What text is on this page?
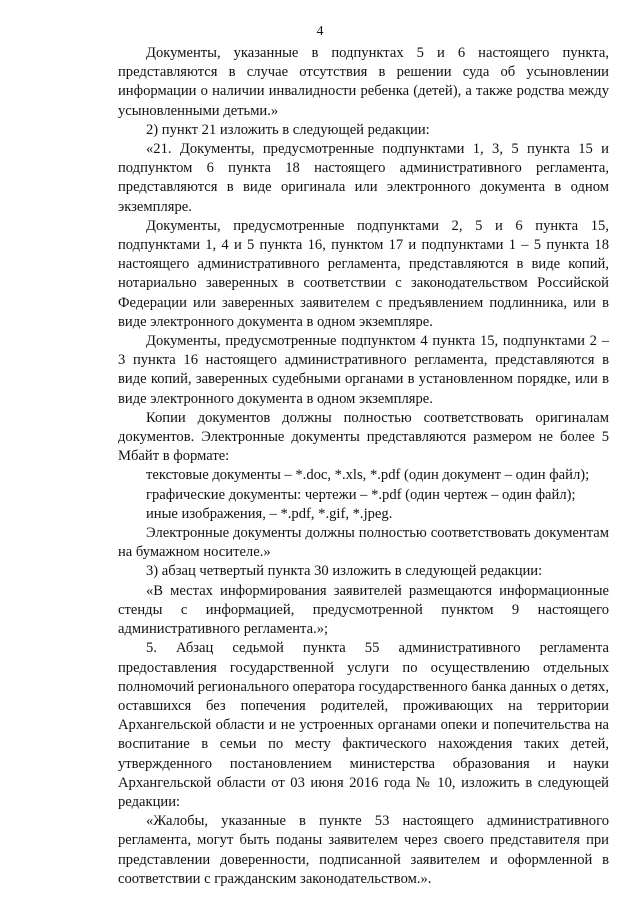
4

Документы, указанные в подпунктах 5 и 6 настоящего пункта, представляются в случае отсутствия в решении суда об усыновлении информации о наличии инвалидности ребенка (детей), а также родства между усыновленными детьми.»

2) пункт 21 изложить в следующей редакции:

«21. Документы, предусмотренные подпунктами 1, 3, 5 пункта 15 и подпунктом 6 пункта 18 настоящего административного регламента, представляются в виде оригинала или электронного документа в одном экземпляре.

Документы, предусмотренные подпунктами 2, 5 и 6 пункта 15, подпунктами 1, 4 и 5 пункта 16, пунктом 17 и подпунктами 1 – 5 пункта 18 настоящего административного регламента, представляются в виде копий, нотариально заверенных в соответствии с законодательством Российской Федерации или заверенных заявителем с предъявлением подлинника, или в виде электронного документа в одном экземпляре.

Документы, предусмотренные подпунктом 4 пункта 15, подпунктами 2 – 3 пункта 16 настоящего административного регламента, представляются в виде копий, заверенных судебными органами в установленном порядке, или в виде электронного документа в одном экземпляре.

Копии документов должны полностью соответствовать оригиналам документов. Электронные документы представляются размером не более 5 Мбайт в формате:

текстовые документы – *.doc, *.xls, *.pdf (один документ – один файл);

графические документы: чертежи – *.pdf (один чертеж – один файл);

иные изображения, – *.pdf, *.gif, *.jpeg.

Электронные документы должны полностью соответствовать документам на бумажном носителе.»

3) абзац четвертый пункта 30 изложить в следующей редакции:

«В местах информирования заявителей размещаются информационные стенды с информацией, предусмотренной пунктом 9 настоящего административного регламента.»;

5. Абзац седьмой пункта 55 административного регламента предоставления государственной услуги по осуществлению отдельных полномочий регионального оператора государственного банка данных о детях, оставшихся без попечения родителей, проживающих на территории Архангельской области и не устроенных органами опеки и попечительства на воспитание в семьи по месту фактического нахождения таких детей, утвержденного постановлением министерства образования и науки Архангельской области от 03 июня 2016 года № 10, изложить в следующей редакции:

«Жалобы, указанные в пункте 53 настоящего административного регламента, могут быть поданы заявителем через своего представителя при представлении доверенности, подписанной заявителем и оформленной в соответствии с гражданским законодательством.».
